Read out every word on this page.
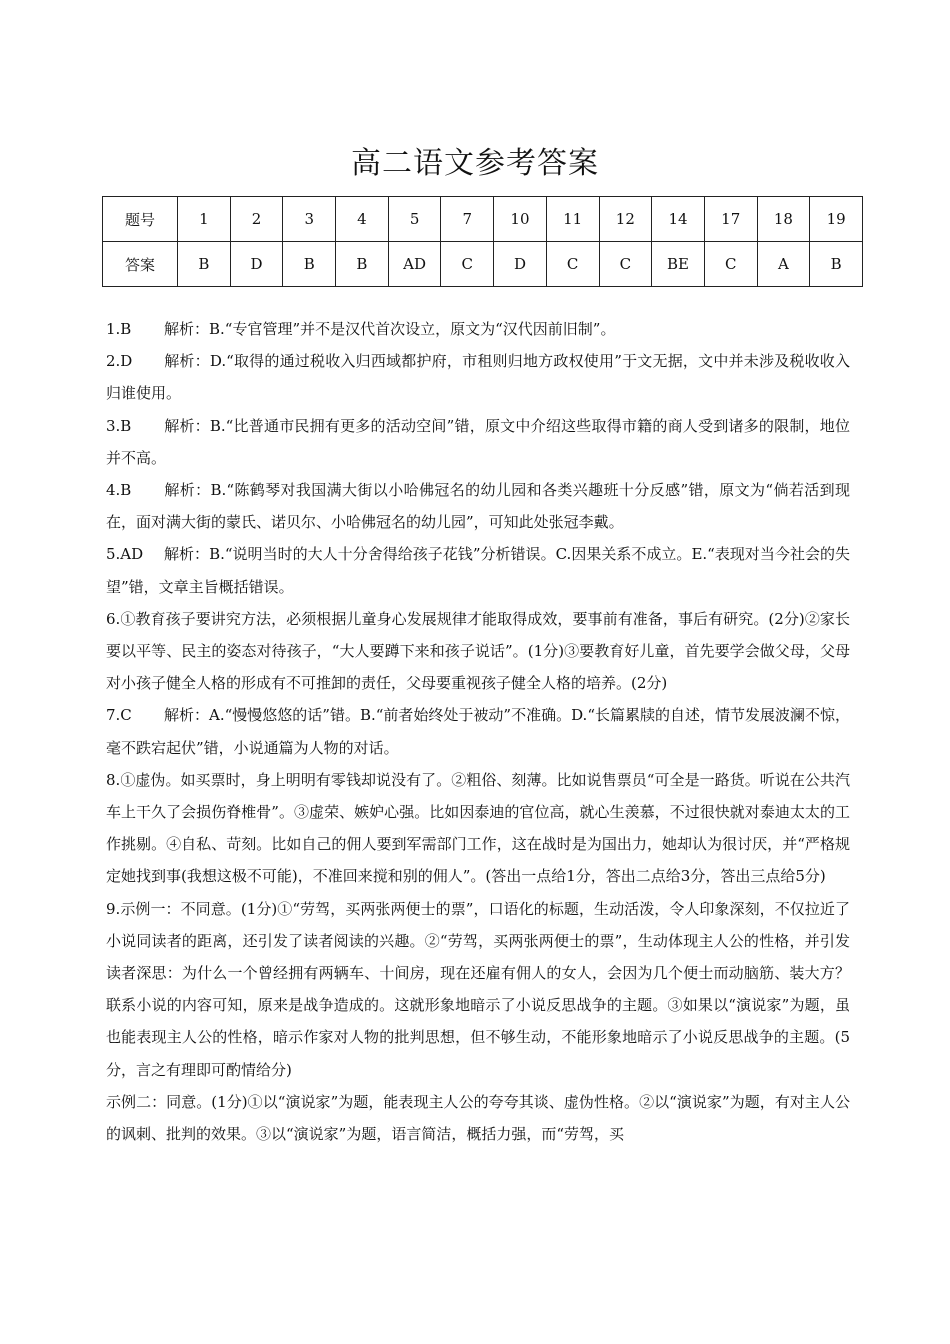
高二语文参考答案
题号	1	2	3	4	5	7	10	11	12	14	17	18	19
答案	B	D	B	B	AD	C	D	C	C	BE	C	A	B

1.B 解析：B.“专官管理”并不是汉代首次设立，原文为“汉代因前旧制”。

2.D 解析：D.“取得的通过税收入归西域都护府，市租则归地方政权使用”于文无据，文中并未涉及税收收入归谁使用。

3.B 解析：B.“比普通市民拥有更多的活动空间”错，原文中介绍这些取得市籍的商人受到诸多的限制，地位并不高。

4.B 解析：B.“陈鹤琴对我国满大街以小哈佛冠名的幼儿园和各类兴趣班十分反感”错，原文为“倘若活到现在，面对满大街的蒙氏、诺贝尔、小哈佛冠名的幼儿园”，可知此处张冠李戴。

5.AD 解析：B.“说明当时的大人十分舍得给孩子花钱”分析错误。C.因果关系不成立。E.“表现对当今社会的失望”错，文章主旨概括错误。

6.①教育孩子要讲究方法，必须根据儿童身心发展规律才能取得成效，要事前有准备，事后有研究。(2分)②家长要以平等、民主的姿态对待孩子，“大人要蹲下来和孩子说话”。(1分)③要教育好儿童，首先要学会做父母，父母对小孩子健全人格的形成有不可推卸的责任，父母要重视孩子健全人格的培养。(2分)

7.C 解析：A.“慢慢悠悠的话”错。B.“前者始终处于被动”不准确。D.“长篇累牍的自述，情节发展波澜不惊，毫不跌宕起伏”错，小说通篇为人物的对话。

8.①虚伪。如买票时，身上明明有零钱却说没有了。②粗俗、刻薄。比如说售票员“可全是一路货。听说在公共汽车上干久了会损伤脊椎骨”。③虚荣、嫉妒心强。比如因泰迪的官位高，就心生羡慕，不过很快就对泰迪太太的工作挑剔。④自私、苛刻。比如自己的佣人要到军需部门工作，这在战时是为国出力，她却认为很讨厌，并“严格规定她找到事(我想这极不可能)，不准回来搅和别的佣人”。(答出一点给1分，答出二点给3分，答出三点给5分)

9.示例一：不同意。(1分)①“劳驾，买两张两便士的票”，口语化的标题，生动活泼，令人印象深刻，不仅拉近了小说同读者的距离，还引发了读者阅读的兴趣。②“劳驾，买两张两便士的票”，生动体现主人公的性格，并引发读者深思：为什么一个曾经拥有两辆车、十间房，现在还雇有佣人的女人，会因为几个便士而动脑筋、装大方？联系小说的内容可知，原来是战争造成的。这就形象地暗示了小说反思战争的主题。③如果以“演说家”为题，虽也能表现主人公的性格，暗示作家对人物的批判思想，但不够生动，不能形象地暗示了小说反思战争的主题。(5分，言之有理即可酌情给分)

示例二：同意。(1分)①以“演说家”为题，能表现主人公的夸夸其谈、虚伪性格。②以“演说家”为题，有对主人公的讽刺、批判的效果。③以“演说家”为题，语言简洁，概括力强，而“劳驾，买
